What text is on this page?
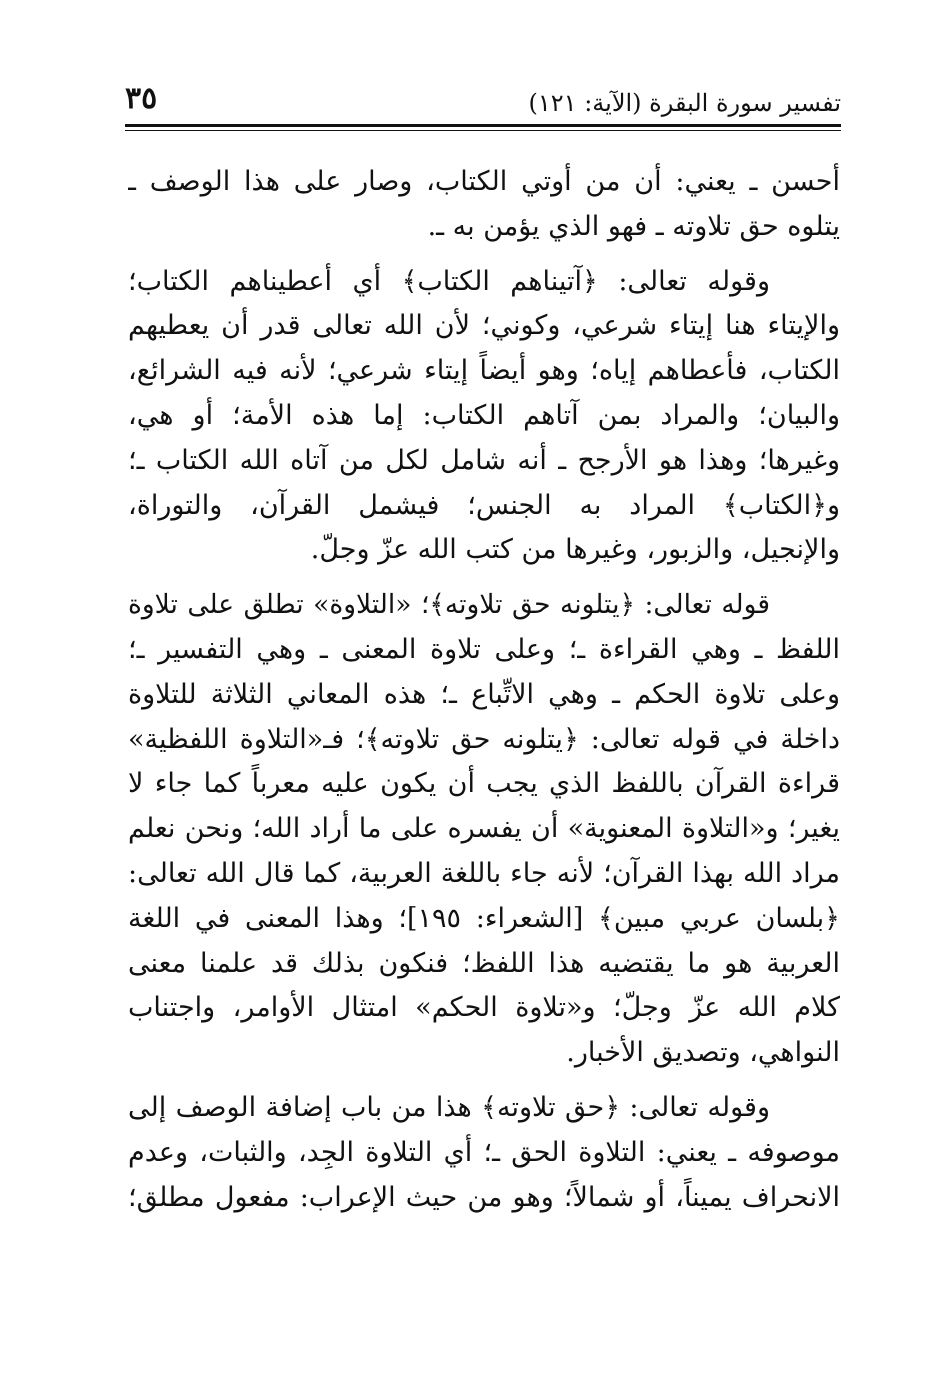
تفسير سورة البقرة (الآية: ١٢١)
٣٥
أحسن ـ يعني: أن من أوتي الكتاب، وصار على هذا الوصف ـ
يتلوه حق تلاوته ـ فهو الذي يؤمن به ـ.
وقوله تعالى: ﴿آتيناهم الكتاب﴾ أي أعطيناهم الكتاب؛
والإيتاء هنا إيتاء شرعي، وكوني؛ لأن الله تعالى قدر أن يعطيهم
الكتاب، فأعطاهم إياه؛ وهو أيضاً إيتاء شرعي؛ لأنه فيه الشرائع،
والبيان؛ والمراد بمن آتاهم الكتاب: إما هذه الأمة؛ أو هي،
وغيرها؛ وهذا هو الأرجح ـ أنه شامل لكل من آتاه الله الكتاب ـ؛
و﴿الكتاب﴾ المراد به الجنس؛ فيشمل القرآن، والتوراة،
والإنجيل، والزبور، وغيرها من كتب الله عزّ وجلّ.
قوله تعالى: ﴿يتلونه حق تلاوته﴾؛ «التلاوة» تطلق على تلاوة
اللفظ ـ وهي القراءة ـ؛ وعلى تلاوة المعنى ـ وهي التفسير ـ؛
وعلى تلاوة الحكم ـ وهي الاتِّباع ـ؛ هذه المعاني الثلاثة للتلاوة
داخلة في قوله تعالى: ﴿يتلونه حق تلاوته﴾؛ فـ«التلاوة اللفظية»
قراءة القرآن باللفظ الذي يجب أن يكون عليه معرباً كما جاء لا
يغير؛ و«التلاوة المعنوية» أن يفسره على ما أراد الله؛ ونحن نعلم
مراد الله بهذا القرآن؛ لأنه جاء باللغة العربية، كما قال الله تعالى:
﴿بلسان عربي مبين﴾ [الشعراء: ١٩٥]؛ وهذا المعنى في اللغة
العربية هو ما يقتضيه هذا اللفظ؛ فنكون بذلك قد علمنا معنى
كلام الله عزّ وجلّ؛ و«تلاوة الحكم» امتثال الأوامر، واجتناب
النواهي، وتصديق الأخبار.
وقوله تعالى: ﴿حق تلاوته﴾ هذا من باب إضافة الوصف إلى
موصوفه ـ يعني: التلاوة الحق ـ؛ أي التلاوة الجِد، والثبات، وعدم
الانحراف يميناً، أو شمالاً؛ وهو من حيث الإعراب: مفعول مطلق؛
